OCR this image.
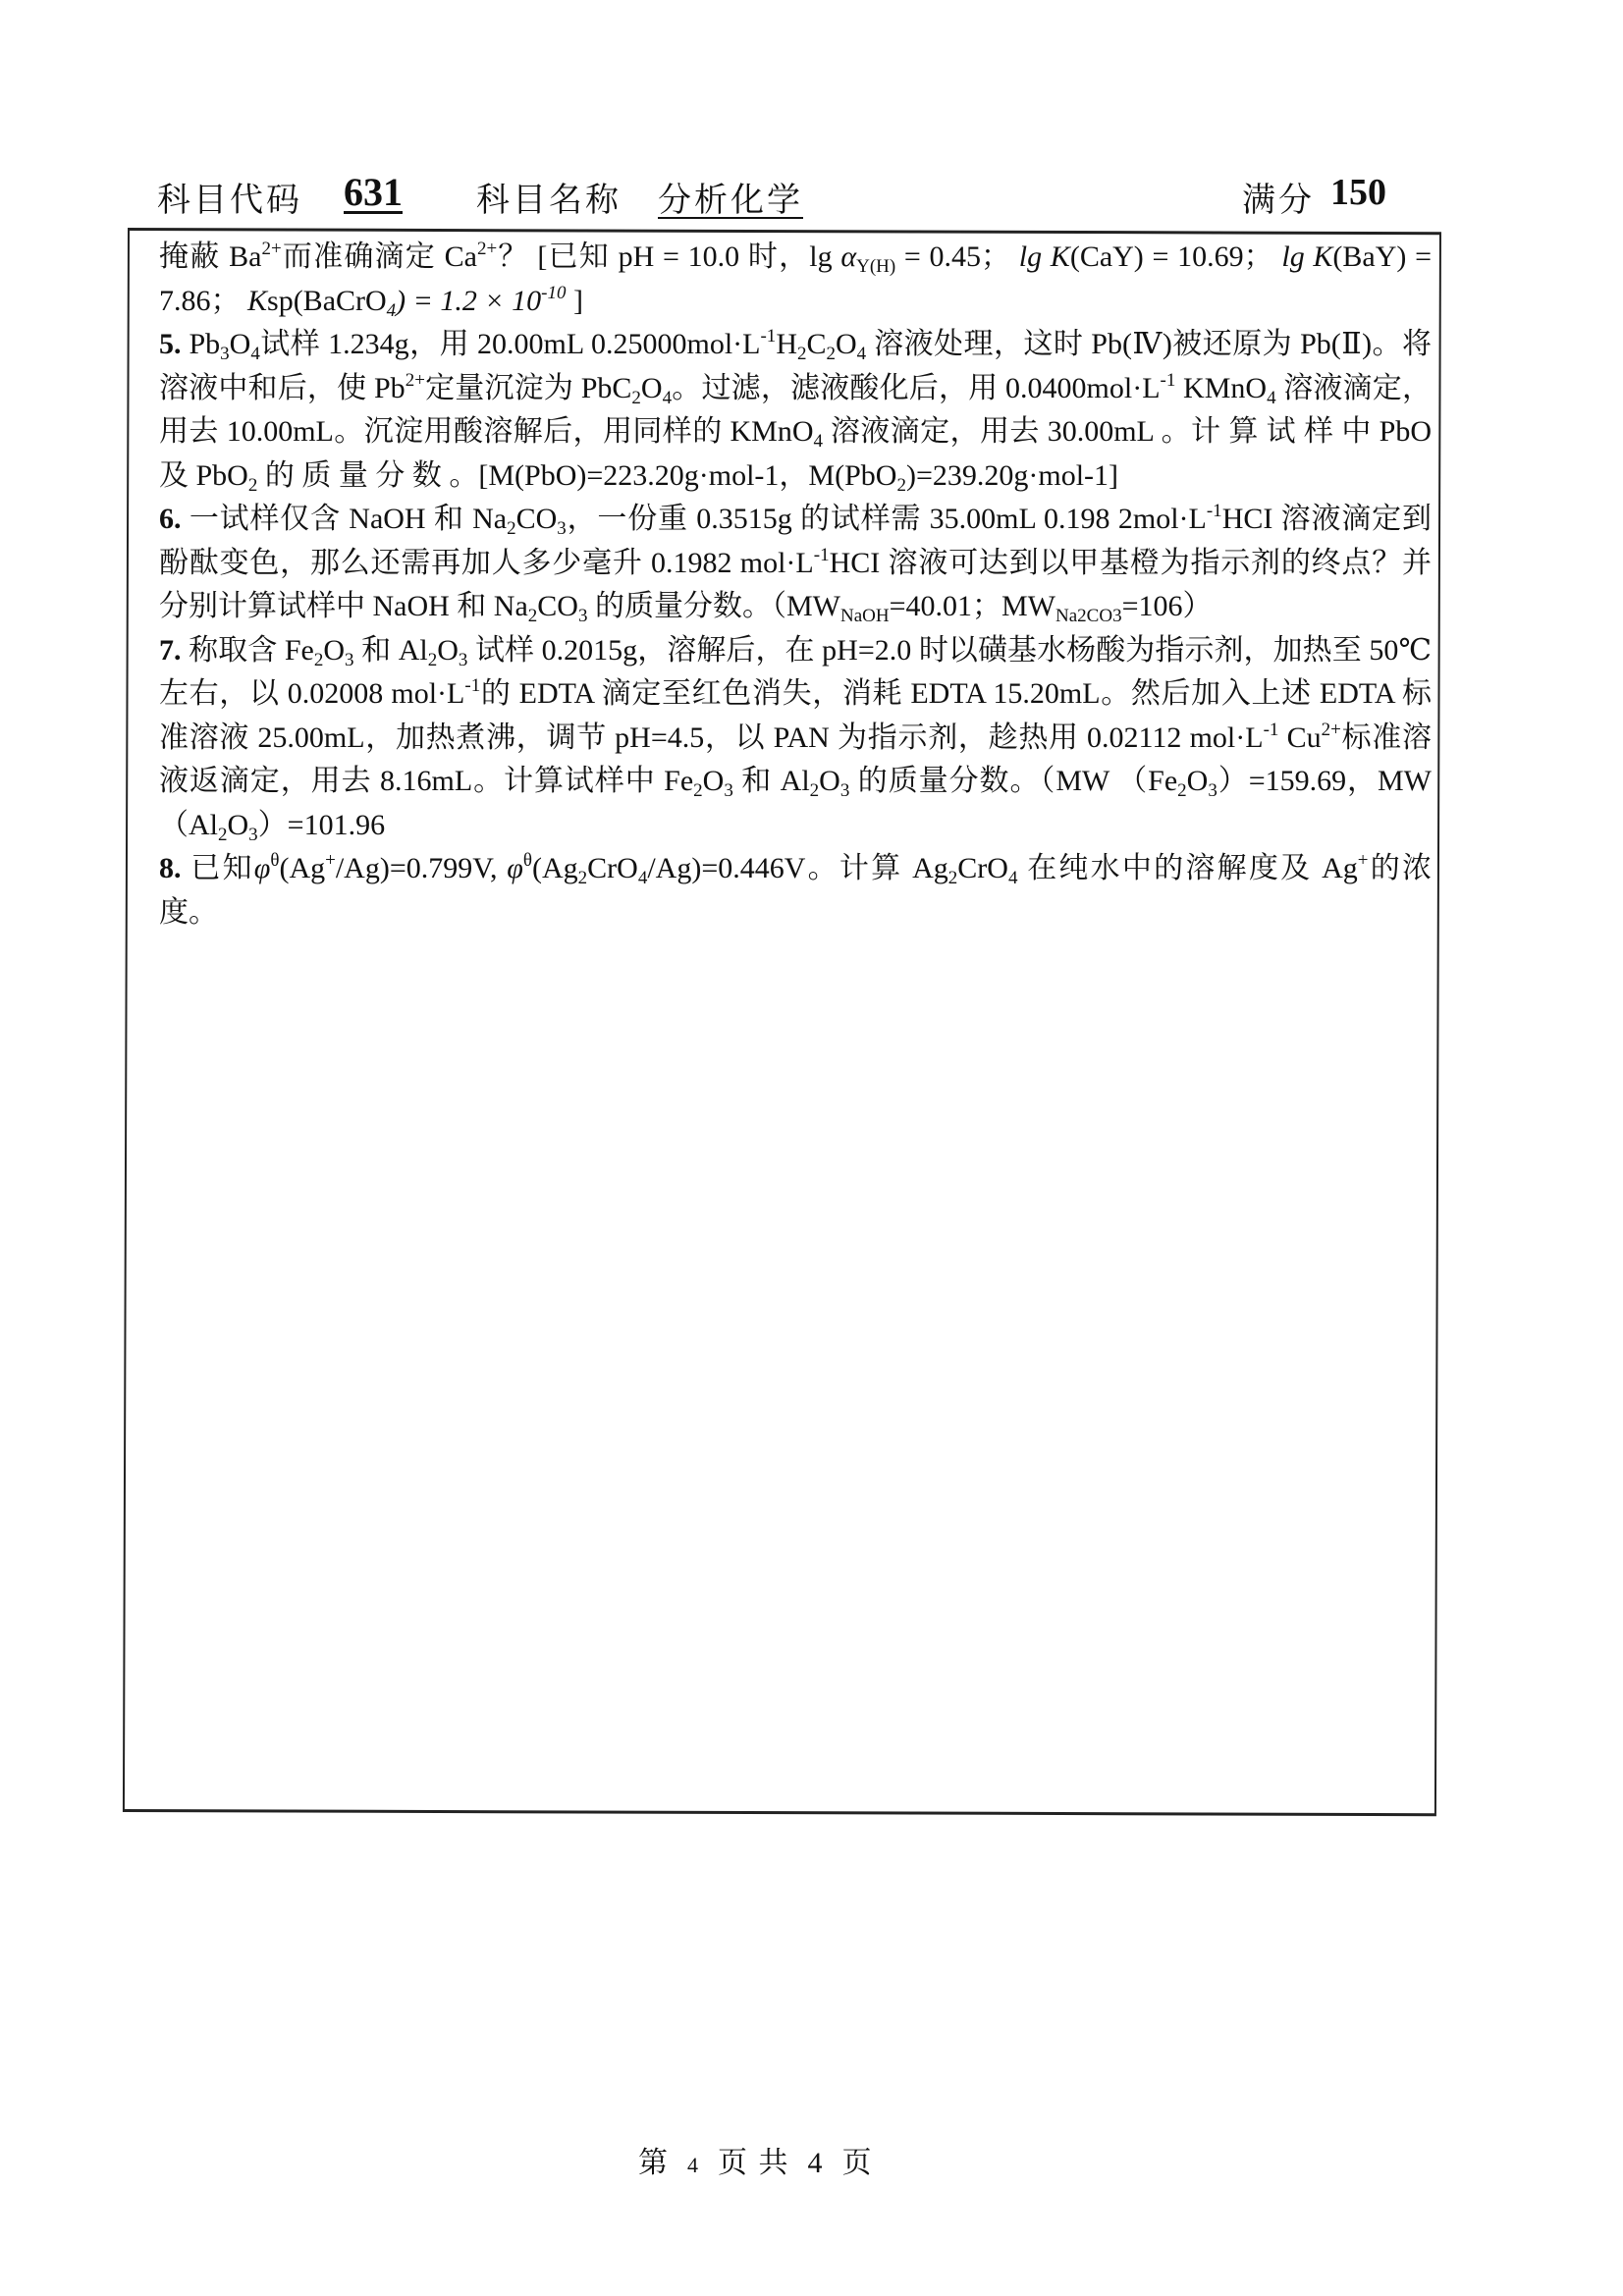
科目代码 631 科目名称 分析化学	满分 150

掩蔽 $Ba^{2+}$而准确滴定 $Ca^{2+}$？ [已知 pH = 10.0 时，$\lg \alpha_{Y(H)} = 0.45$； lg K(CaY) = 10.69； lg K(BaY) = 7.86； Ksp(BaCrO$_4$) = $1.2 \times 10^{-10}$ ]

5. $Pb_3O_4$试样 1.234g，用 20.00mL $0.25000mol\cdot L^{-1}H_2C_2O_4$ 溶液处理，这时 Pb(Ⅳ)被还原为 Pb(Ⅱ)。将溶液中和后，使 $Pb^{2+}$定量沉淀为 $PbC_2O_4$。过滤，滤液酸化后，用 $0.0400mol\cdot L^{-1}$ KMnO$_4$ 溶液滴定，用去 10.00mL。沉淀用酸溶解后，用同样的 KMnO$_4$ 溶液滴定，用去 30.00mL 。计 算 试 样 中 PbO 及 PbO$_2$ 的 质 量 分 数 。[M(PbO)=223.20g·mol-1，M(PbO$_2$)=239.20g·mol-1]

6. 一试样仅含 NaOH 和 $Na_2CO_3$，一份重 0.3515g 的试样需 35.00mL 0.198 $2mol\cdot L^{-1}HCI$ 溶液滴定到酚酞变色，那么还需再加人多少毫升 0.1982 $mol\cdot L^{-1}HCI$ 溶液可达到以甲基橙为指示剂的终点？并分别计算试样中 NaOH 和 $Na_2CO_3$ 的质量分数。（$MW_{NaOH}=40.01$；$MW_{Na2CO3}=106$）

7. 称取含 $Fe_2O_3$ 和 $Al_2O_3$ 试样 0.2015g，溶解后，在 pH=2.0 时以磺基水杨酸为指示剂，加热至 50℃左右，以 0.02008 $mol\cdot L^{-1}$的 EDTA 滴定至红色消失，消耗 EDTA 15.20mL。然后加入上述 EDTA 标准溶液 25.00mL，加热煮沸，调节 pH=4.5，以 PAN 为指示剂，趁热用 0.02112 $mol\cdot L^{-1}$ $Cu^{2+}$标准溶液返滴定，用去 8.16mL。计算试样中 $Fe_2O_3$ 和 $Al_2O_3$ 的质量分数。（MW $(Fe_2O_3)=159.69$，MW $(Al_2O_3)=101.96$

8. 已知$\varphi^\theta(Ag^+/Ag)=0.799V$, $\varphi^\theta(Ag_2CrO_4/Ag)=0.446V$。计算 $Ag_2CrO_4$ 在纯水中的溶解度及 Ag+的浓度。

第 4 页 共 4 页
